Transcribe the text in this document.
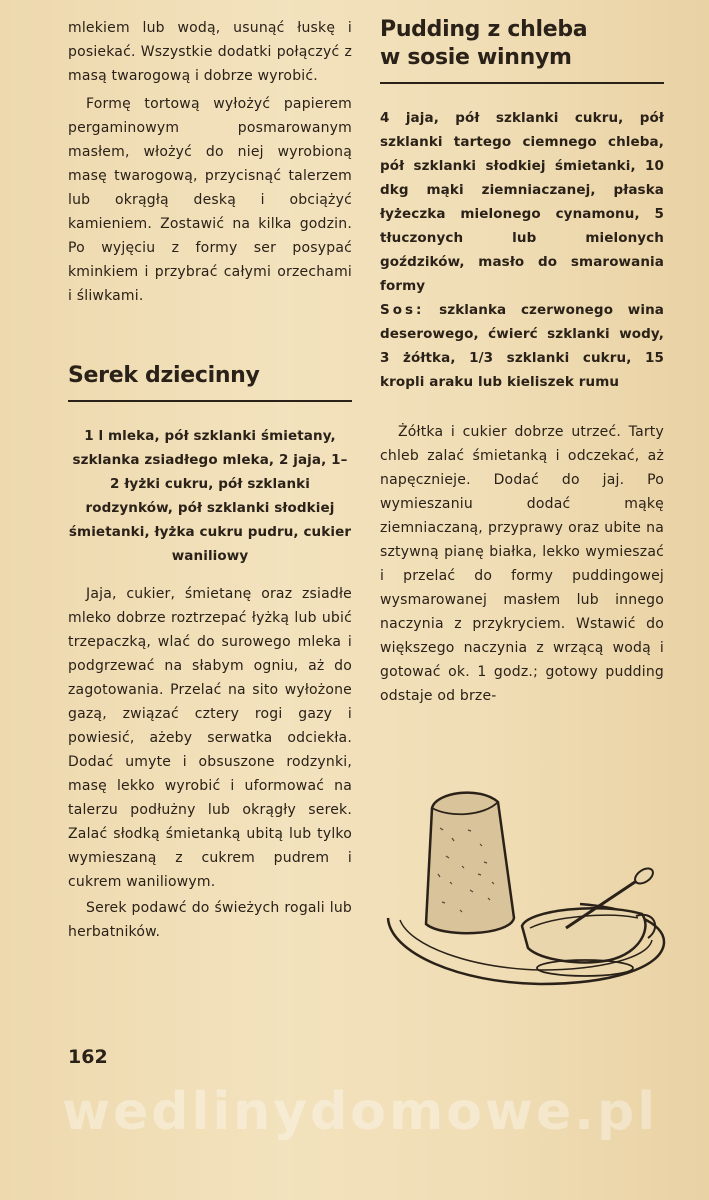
mlekiem lub wodą, usunąć łuskę i posiekać. Wszystkie dodatki połączyć z masą twarogową i dobrze wyrobić.

Formę tortową wyłożyć papierem pergaminowym posmarowanym masłem, włożyć do niej wyrobioną masę twarogową, przycisnąć talerzem lub okrągłą deską i obciążyć kamieniem. Zostawić na kilka godzin. Po wyjęciu z formy ser posypać kminkiem i przybrać całymi orzechami i śliwkami.

Serek dziecinny

1 l mleka, pół szklanki śmietany, szklanka zsiadłego mleka, 2 jaja, 1–2 łyżki cukru, pół szklanki rodzynków, pół szklanki słodkiej śmietanki, łyżka cukru pudru, cukier waniliowy

Jaja, cukier, śmietanę oraz zsiadłe mleko dobrze roztrzepać łyżką lub ubić trzepaczką, wlać do surowego mleka i podgrzewać na słabym ogniu, aż do zagotowania. Przelać na sito wyłożone gazą, związać cztery rogi gazy i powiesić, ażeby serwatka odciekła. Dodać umyte i obsuszone rodzynki, masę lekko wyrobić i uformować na talerzu podłużny lub okrągły serek. Zalać słodką śmietanką ubitą lub tylko wymieszaną z cukrem pudrem i cukrem waniliowym.

Serek podawć do świeżych rogali lub herbatników.

Pudding z chleba
w sosie winnym

4 jaja, pół szklanki cukru, pół szklanki tartego ciemnego chleba, pół szklanki słodkiej śmietanki, 10 dkg mąki ziemniaczanej, płaska łyżeczka mielonego cynamonu, 5 tłuczonych lub mielonych goździków, masło do smarowania formy

Sos: szklanka czerwonego wina deserowego, ćwierć szklanki wody, 3 żółtka, 1/3 szklanki cukru, 15 kropli araku lub kieliszek rumu

Żółtka i cukier dobrze utrzeć. Tarty chleb zalać śmietanką i odczekać, aż napęcznieje. Dodać do jaj. Po wymieszaniu dodać mąkę ziemniaczaną, przyprawy oraz ubite na sztywną pianę białka, lekko wymieszać i przelać do formy puddingowej wysmarowanej masłem lub innego naczynia z przykryciem. Wstawić do większego naczynia z wrzącą wodą i gotować ok. 1 godz.; gotowy pudding odstaje od brze-

162
wedlinydomowe.pl
